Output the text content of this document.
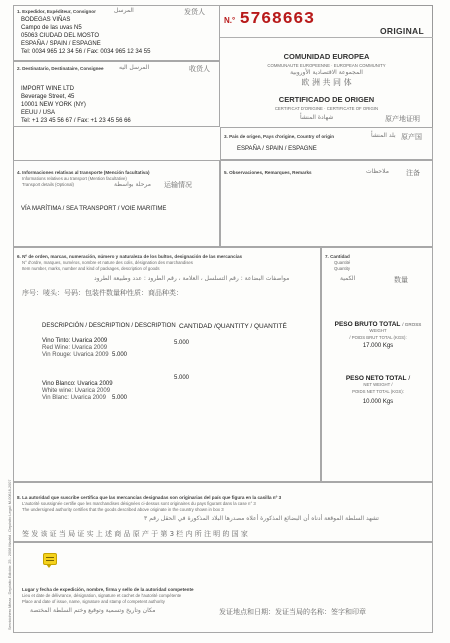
1. Expedidor, Expéditeur, Consignor	المرسل	发货人
BODEGAS VIÑAS
Campo de las uvas N5
05063 CIUDAD DEL MOSTO
ESPAÑA / SPAIN / ESPAGNE
Tel: 0034 965 12 34 56 / Fax: 0034 965 12 34 55
N.° 5768663
ORIGINAL
2. Destinatario, Destinataire, Consignee	المرسل اليه	收货人
IMPORT WINE LTD
Beverage Street, 45
10001 NEW YORK (NY)
EEUU / USA
Tel: +1 23 45 56 67 / Fax: +1 23 45 56 66
COMUNIDAD EUROPEA
COMMUNAUTE EUROPEENNE · EUROPEAN COMMUNITY
المجموعة الاقتصادية الأوروبية
欧 洲 共 同 体
CERTIFICADO DE ORIGEN
CERTIFICAT D'ORIGINE · CERTIFICATE OF ORIGIN
شهادة المنشأ	原产地证明
3. País de origen, Pays d'origine, Country of origin	بلد المنشأ 原产国
ESPAÑA / SPAIN / ESPAGNE
4. Informaciones relativas al transporte (Mención facultativa)
Informations relatives au transport (Mention facultative)
Transport details (Optional)	مرحلة بواسطة 运输情况
VÍA MARÍTIMA / SEA TRANSPORT / VOIE MARITIME
5. Observaciones, Remarques, Remarks	ملاحظات 注备
6. Nº de orden, marcas, numeración, número y naturaleza de los bultos, designación de las mercancías
N° d'ordre, marques, numéros, nombre et nature des colis, désignation des marchandises
Item number, marks, number and kind of packages, description of goods
مواصفات البضاعة : رقم التسلسل ، العلامة ، رقم الطرود : عدد وطبيعة الطرود
序号：唛头：号码：包装件数量种性质：商品种类：
DESCRIPCIÓN / DESCRIPTION / DESCRIPTION CANTIDAD /QUANTITY / QUANTITÉ
Vino Tinto: Uvarica 2009
Red Wine: Uvarica 2009
Vin Rouge: Uvarica 2009 5.000
5.000
Vino Blanco: Uvarica 2009
White wine: Uvarica 2009
Vin Blanc: Uvarica 2009 5.000
5.000
7. Cantidad
Quantité
Quantity
الكمية	数量
PESO BRUTO TOTAL / GROSS
WEIGHT
/ POIDS BRUT TOTAL (KGS):
17.000 Kgs
PESO NETO TOTAL /
NET WEIGHT /
POIDS NET TOTAL (KGS):
10.000 Kgs
8. La autoridad que suscribe certifica que las mercancías designadas son originarias del país que figura en la casilla nº 3
L'autorité soussignée certifie que les marchandises désignées ci-dessus sont originaires du pays figurant dans la case n° 3
The undersigned authority certifies that the goods described above originate in the country shown in box 3
تشهد السلطة الموقعة أدناه أن البضائع المذكورة أعلاه مصدرها البلاد المذكورة في الحقل رقم ٣
签 发 该 证 当 局 证 实 上 述 商 品 原 产 于 第 3 栏 内 所 注 明 的 国 家
Lugar y fecha de expedición, nombre, firma y sello de la autoridad competente
Lieu et date de délivrance, désignation, signature et cachet de l'autorité compétente
Place and date of issue, name, signature and stamp of competent authority
مكان وتاريخ وتسمية وتوقيع وختم السلطة المختصة	发证地点和日期：发证当局的名称：签字和印章
Serviciohero Mieza - Depósito Edición: 25 - 2008 Madrid - Depósito Legal: M-00818-2007
